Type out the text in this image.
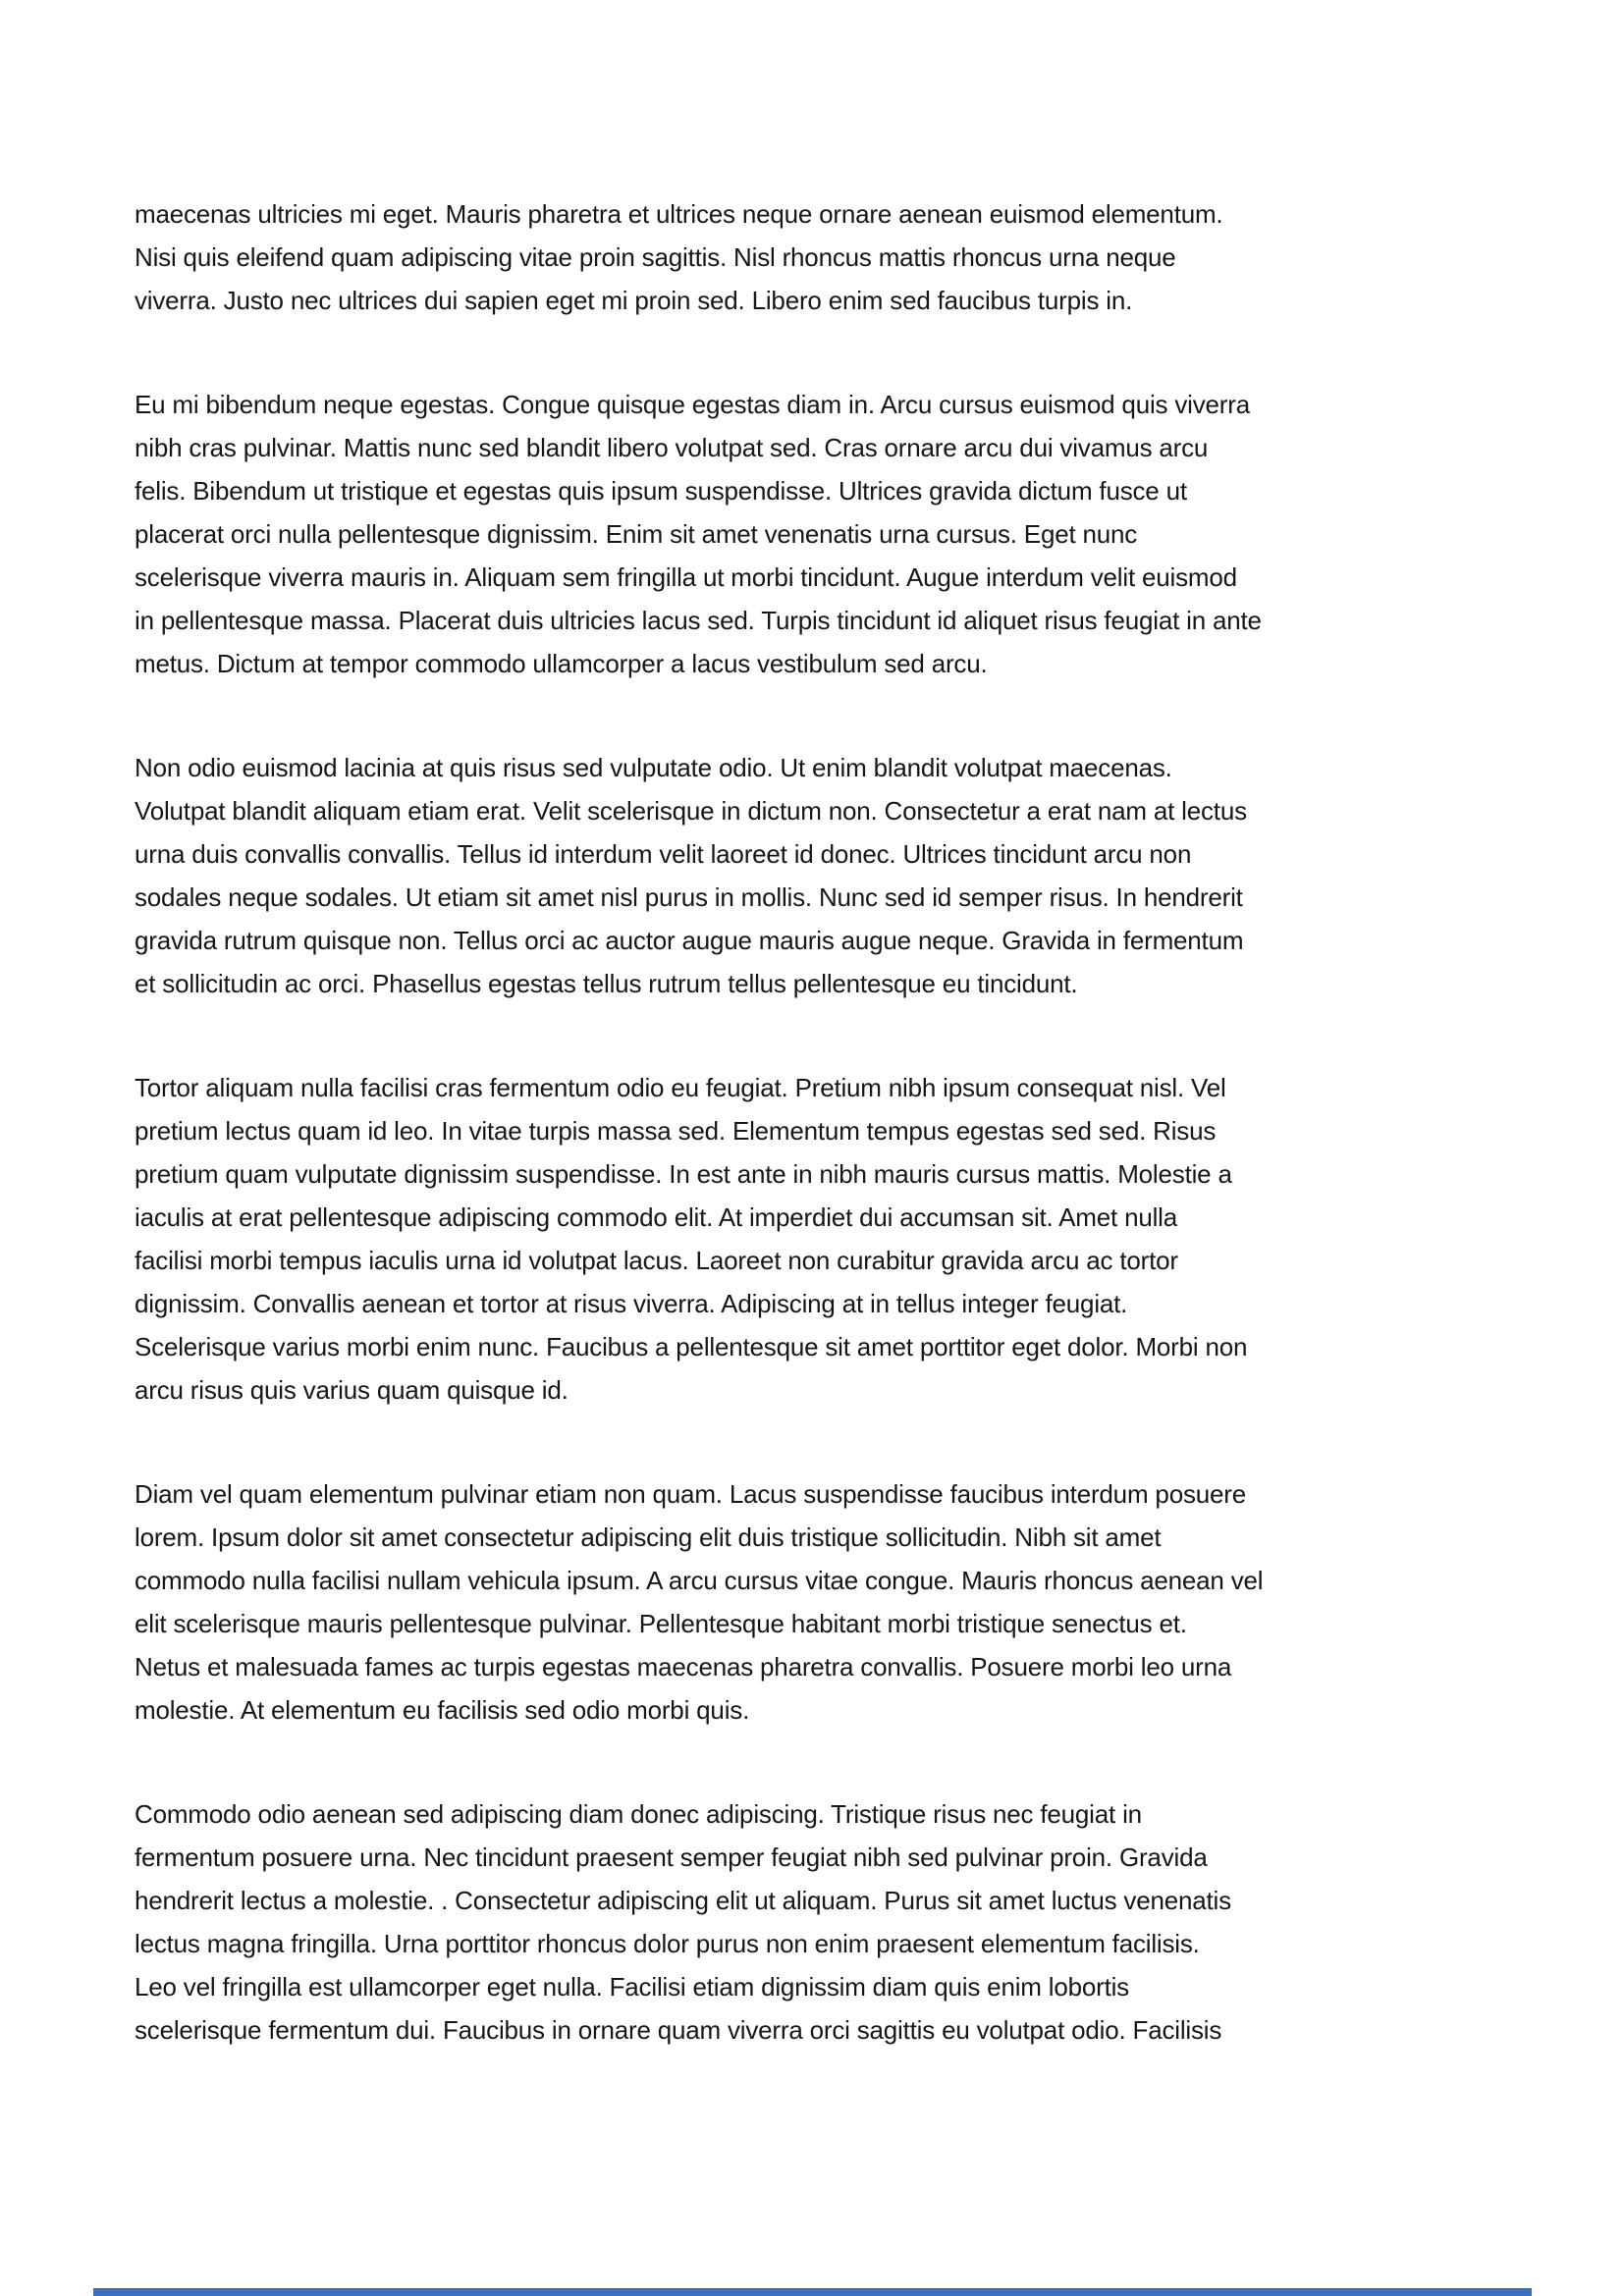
maecenas ultricies mi eget. Mauris pharetra et ultrices neque ornare aenean euismod elementum.
Nisi quis eleifend quam adipiscing vitae proin sagittis. Nisl rhoncus mattis rhoncus urna neque
viverra. Justo nec ultrices dui sapien eget mi proin sed. Libero enim sed faucibus turpis in.
Eu mi bibendum neque egestas. Congue quisque egestas diam in. Arcu cursus euismod quis viverra
nibh cras pulvinar. Mattis nunc sed blandit libero volutpat sed. Cras ornare arcu dui vivamus arcu
felis. Bibendum ut tristique et egestas quis ipsum suspendisse. Ultrices gravida dictum fusce ut
placerat orci nulla pellentesque dignissim. Enim sit amet venenatis urna cursus. Eget nunc
scelerisque viverra mauris in. Aliquam sem fringilla ut morbi tincidunt. Augue interdum velit euismod
in pellentesque massa. Placerat duis ultricies lacus sed. Turpis tincidunt id aliquet risus feugiat in ante
metus. Dictum at tempor commodo ullamcorper a lacus vestibulum sed arcu.
Non odio euismod lacinia at quis risus sed vulputate odio. Ut enim blandit volutpat maecenas.
Volutpat blandit aliquam etiam erat. Velit scelerisque in dictum non. Consectetur a erat nam at lectus
urna duis convallis convallis. Tellus id interdum velit laoreet id donec. Ultrices tincidunt arcu non
sodales neque sodales. Ut etiam sit amet nisl purus in mollis. Nunc sed id semper risus. In hendrerit
gravida rutrum quisque non. Tellus orci ac auctor augue mauris augue neque. Gravida in fermentum
et sollicitudin ac orci. Phasellus egestas tellus rutrum tellus pellentesque eu tincidunt.
Tortor aliquam nulla facilisi cras fermentum odio eu feugiat. Pretium nibh ipsum consequat nisl. Vel
pretium lectus quam id leo. In vitae turpis massa sed. Elementum tempus egestas sed sed. Risus
pretium quam vulputate dignissim suspendisse. In est ante in nibh mauris cursus mattis. Molestie a
iaculis at erat pellentesque adipiscing commodo elit. At imperdiet dui accumsan sit. Amet nulla
facilisi morbi tempus iaculis urna id volutpat lacus. Laoreet non curabitur gravida arcu ac tortor
dignissim. Convallis aenean et tortor at risus viverra. Adipiscing at in tellus integer feugiat.
Scelerisque varius morbi enim nunc. Faucibus a pellentesque sit amet porttitor eget dolor. Morbi non
arcu risus quis varius quam quisque id.
Diam vel quam elementum pulvinar etiam non quam. Lacus suspendisse faucibus interdum posuere
lorem. Ipsum dolor sit amet consectetur adipiscing elit duis tristique sollicitudin. Nibh sit amet
commodo nulla facilisi nullam vehicula ipsum. A arcu cursus vitae congue. Mauris rhoncus aenean vel
elit scelerisque mauris pellentesque pulvinar. Pellentesque habitant morbi tristique senectus et.
Netus et malesuada fames ac turpis egestas maecenas pharetra convallis. Posuere morbi leo urna
molestie. At elementum eu facilisis sed odio morbi quis.
Commodo odio aenean sed adipiscing diam donec adipiscing. Tristique risus nec feugiat in
fermentum posuere urna. Nec tincidunt praesent semper feugiat nibh sed pulvinar proin. Gravida
hendrerit lectus a molestie. . Consectetur adipiscing elit ut aliquam. Purus sit amet luctus venenatis
lectus magna fringilla. Urna porttitor rhoncus dolor purus non enim praesent elementum facilisis.
Leo vel fringilla est ullamcorper eget nulla. Facilisi etiam dignissim diam quis enim lobortis
scelerisque fermentum dui. Faucibus in ornare quam viverra orci sagittis eu volutpat odio. Facilisis
